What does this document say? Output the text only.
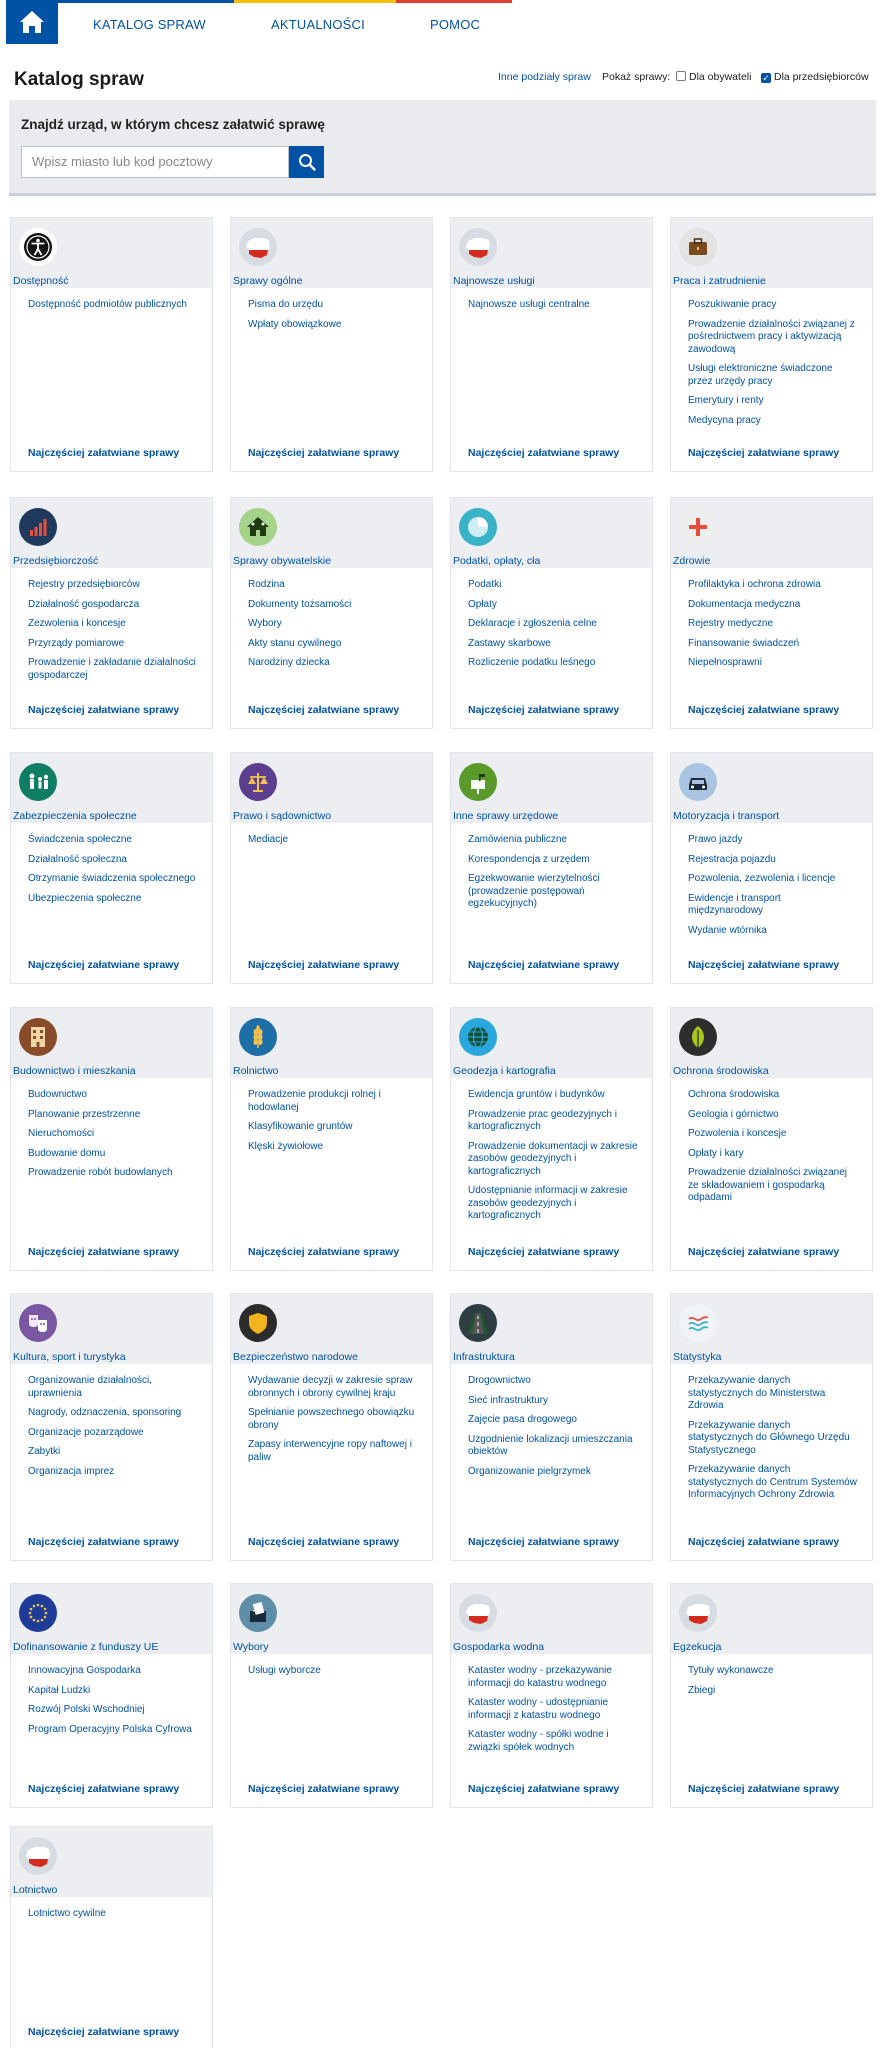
KATALOG SPRAW	AKTUALNOŚCI	POMOC
Katalog spraw	Inne podziały spraw Pokaż sprawy:	Dla obywateli ✓ Dla przedsiębiorców
Znajdź urząd, w którym chcesz załatwić sprawę
Wpisz miasto lub kod pocztowy
Dostępność
Dostępność podmiotów publicznych
Najczęściej załatwiane sprawy
Sprawy ogólne
Pisma do urzędu
Wpłaty obowiązkowe
Najczęściej załatwiane sprawy
Najnowsze usługi
Najnowsze usługi centralne
Najczęściej załatwiane sprawy
Praca i zatrudnienie
Poszukiwanie pracy
Prowadzenie działalności związanej z pośrednictwem pracy i aktywizacją zawodową
Usługi elektroniczne świadczone przez urzędy pracy
Emerytury i renty
Medycyna pracy
Najczęściej załatwiane sprawy
Przedsiębiorczość
Rejestry przedsiębiorców
Działalność gospodarcza
Zezwolenia i koncesje
Przyrządy pomiarowe
Prowadzenie i zakładanie działalności gospodarczej
Najczęściej załatwiane sprawy
Sprawy obywatelskie
Rodzina
Dokumenty tożsamości
Wybory
Akty stanu cywilnego
Narodziny dziecka
Najczęściej załatwiane sprawy
Podatki, opłaty, cła
Podatki
Opłaty
Deklaracje i zgłoszenia celne
Zastawy skarbowe
Rozliczenie podatku leśnego
Najczęściej załatwiane sprawy
Zdrowie
Profilaktyka i ochrona zdrowia
Dokumentacja medyczna
Rejestry medyczne
Finansowanie świadczeń
Niepełnosprawni
Najczęściej załatwiane sprawy
Zabezpieczenia społeczne
Świadczenia społeczne
Działalność społeczna
Otrzymanie świadczenia społecznego
Ubezpieczenia społeczne
Najczęściej załatwiane sprawy
Prawo i sądownictwo
Mediacje
Najczęściej załatwiane sprawy
Inne sprawy urzędowe
Zamówienia publiczne
Korespondencja z urzędem
Egzekwowanie wierzytelności (prowadzenie postępowań egzekucyjnych)
Najczęściej załatwiane sprawy
Motoryzacja i transport
Prawo jazdy
Rejestracja pojazdu
Pozwolenia, zezwolenia i licencje
Ewidencje i transport międzynarodowy
Wydanie wtórnika
Najczęściej załatwiane sprawy
Budownictwo i mieszkania
Budownictwo
Planowanie przestrzenne
Nieruchomości
Budowanie domu
Prowadzenie robót budowlanych
Najczęściej załatwiane sprawy
Rolnictwo
Prowadzenie produkcji rolnej i hodowlanej
Klasyfikowanie gruntów
Klęski żywiołowe
Najczęściej załatwiane sprawy
Geodezja i kartografia
Ewidencja gruntów i budynków
Prowadzenie prac geodezyjnych i kartograficznych
Prowadzenie dokumentacji w zakresie zasobów geodezyjnych i kartograficznych
Udostępnianie informacji w zakresie zasobów geodezyjnych i kartograficznych
Najczęściej załatwiane sprawy
Ochrona środowiska
Ochrona środowiska
Geologia i górnictwo
Pozwolenia i koncesje
Opłaty i kary
Prowadzenie działalności związanej ze składowaniem i gospodarką odpadami
Najczęściej załatwiane sprawy
Kultura, sport i turystyka
Organizowanie działalności, uprawnienia
Nagrody, odznaczenia, sponsoring
Organizacje pozarządowe
Zabytki
Organizacja imprez
Najczęściej załatwiane sprawy
Bezpieczeństwo narodowe
Wydawanie decyzji w zakresie spraw obronnych i obrony cywilnej kraju
Spełnianie powszechnego obowiązku obrony
Zapasy interwencyjne ropy naftowej i paliw
Najczęściej załatwiane sprawy
Infrastruktura
Drogownictwo
Sieć infrastruktury
Zajęcie pasa drogowego
Uzgodnienie lokalizacji umieszczania obiektów
Organizowanie pielgrzymek
Najczęściej załatwiane sprawy
Statystyka
Przekazywanie danych statystycznych do Ministerstwa Zdrowia
Przekazywanie danych statystycznych do Głównego Urzędu Statystycznego
Przekazywanie danych statystycznych do Centrum Systemów Informacyjnych Ochrony Zdrowia
Najczęściej załatwiane sprawy
Dofinansowanie z funduszy UE
Innowacyjna Gospodarka
Kapitał Ludzki
Rozwój Polski Wschodniej
Program Operacyjny Polska Cyfrowa
Najczęściej załatwiane sprawy
Wybory
Usługi wyborcze
Najczęściej załatwiane sprawy
Gospodarka wodna
Kataster wodny - przekazywanie informacji do katastru wodnego
Kataster wodny - udostępnianie informacji z katastru wodnego
Kataster wodny - spółki wodne i związki spółek wodnych
Najczęściej załatwiane sprawy
Egzekucja
Tytuły wykonawcze
Zbiegi
Najczęściej załatwiane sprawy
Lotnictwo
Lotnictwo cywilne
Najczęściej załatwiane sprawy
